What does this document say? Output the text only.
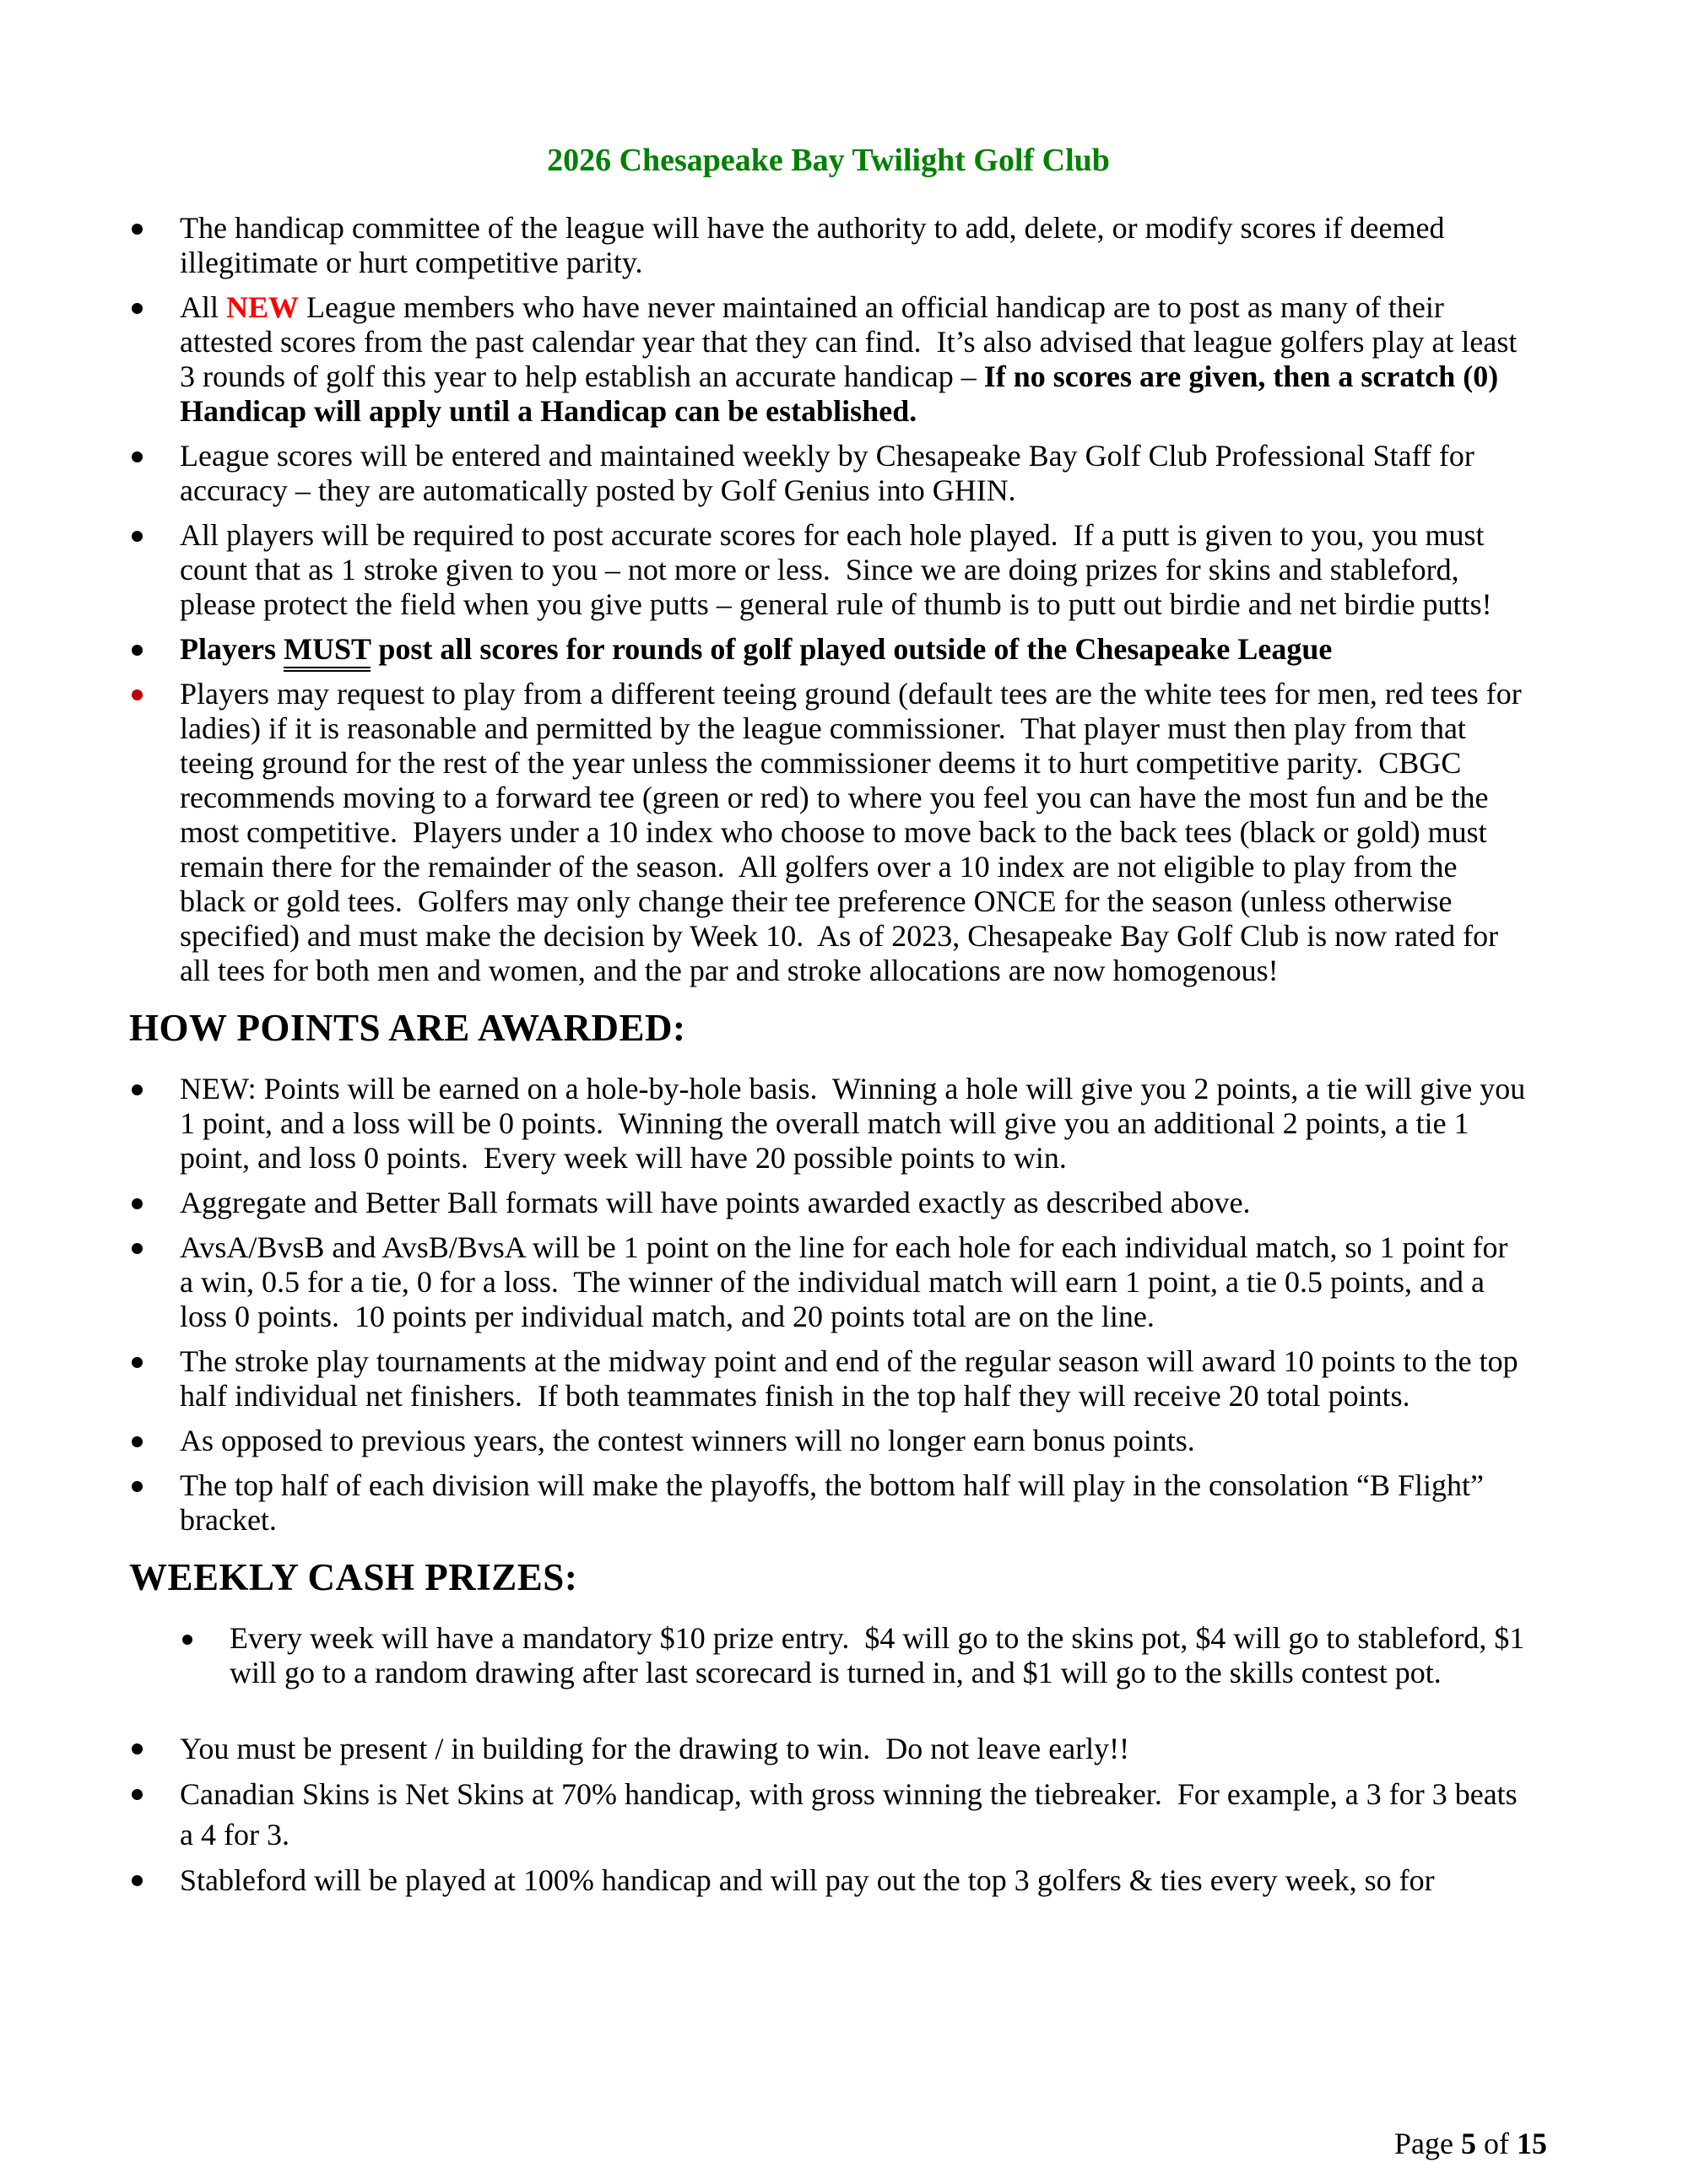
2026 Chesapeake Bay Twilight Golf Club
The handicap committee of the league will have the authority to add, delete, or modify scores if deemed illegitimate or hurt competitive parity.
All NEW League members who have never maintained an official handicap are to post as many of their attested scores from the past calendar year that they can find.  It’s also advised that league golfers play at least 3 rounds of golf this year to help establish an accurate handicap – If no scores are given, then a scratch (0) Handicap will apply until a Handicap can be established.
League scores will be entered and maintained weekly by Chesapeake Bay Golf Club Professional Staff for accuracy – they are automatically posted by Golf Genius into GHIN.
All players will be required to post accurate scores for each hole played.  If a putt is given to you, you must count that as 1 stroke given to you – not more or less.  Since we are doing prizes for skins and stableford, please protect the field when you give putts – general rule of thumb is to putt out birdie and net birdie putts!
Players MUST post all scores for rounds of golf played outside of the Chesapeake League
Players may request to play from a different teeing ground (default tees are the white tees for men, red tees for ladies) if it is reasonable and permitted by the league commissioner.  That player must then play from that teeing ground for the rest of the year unless the commissioner deems it to hurt competitive parity.  CBGC recommends moving to a forward tee (green or red) to where you feel you can have the most fun and be the most competitive.  Players under a 10 index who choose to move back to the back tees (black or gold) must remain there for the remainder of the season.  All golfers over a 10 index are not eligible to play from the black or gold tees.  Golfers may only change their tee preference ONCE for the season (unless otherwise specified) and must make the decision by Week 10.  As of 2023, Chesapeake Bay Golf Club is now rated for all tees for both men and women, and the par and stroke allocations are now homogenous!
HOW POINTS ARE AWARDED:
NEW: Points will be earned on a hole-by-hole basis.  Winning a hole will give you 2 points, a tie will give you 1 point, and a loss will be 0 points.  Winning the overall match will give you an additional 2 points, a tie 1 point, and loss 0 points.  Every week will have 20 possible points to win.
Aggregate and Better Ball formats will have points awarded exactly as described above.
AvsA/BvsB and AvsB/BvsA will be 1 point on the line for each hole for each individual match, so 1 point for a win, 0.5 for a tie, 0 for a loss.  The winner of the individual match will earn 1 point, a tie 0.5 points, and a loss 0 points.  10 points per individual match, and 20 points total are on the line.
The stroke play tournaments at the midway point and end of the regular season will award 10 points to the top half individual net finishers.  If both teammates finish in the top half they will receive 20 total points.
As opposed to previous years, the contest winners will no longer earn bonus points.
The top half of each division will make the playoffs, the bottom half will play in the consolation “B Flight” bracket.
WEEKLY CASH PRIZES:
Every week will have a mandatory $10 prize entry.  $4 will go to the skins pot, $4 will go to stableford, $1 will go to a random drawing after last scorecard is turned in, and $1 will go to the skills contest pot.
You must be present / in building for the drawing to win.  Do not leave early!!
Canadian Skins is Net Skins at 70% handicap, with gross winning the tiebreaker.  For example, a 3 for 3 beats a 4 for 3.
Stableford will be played at 100% handicap and will pay out the top 3 golfers & ties every week, so for
Page 5 of 15
